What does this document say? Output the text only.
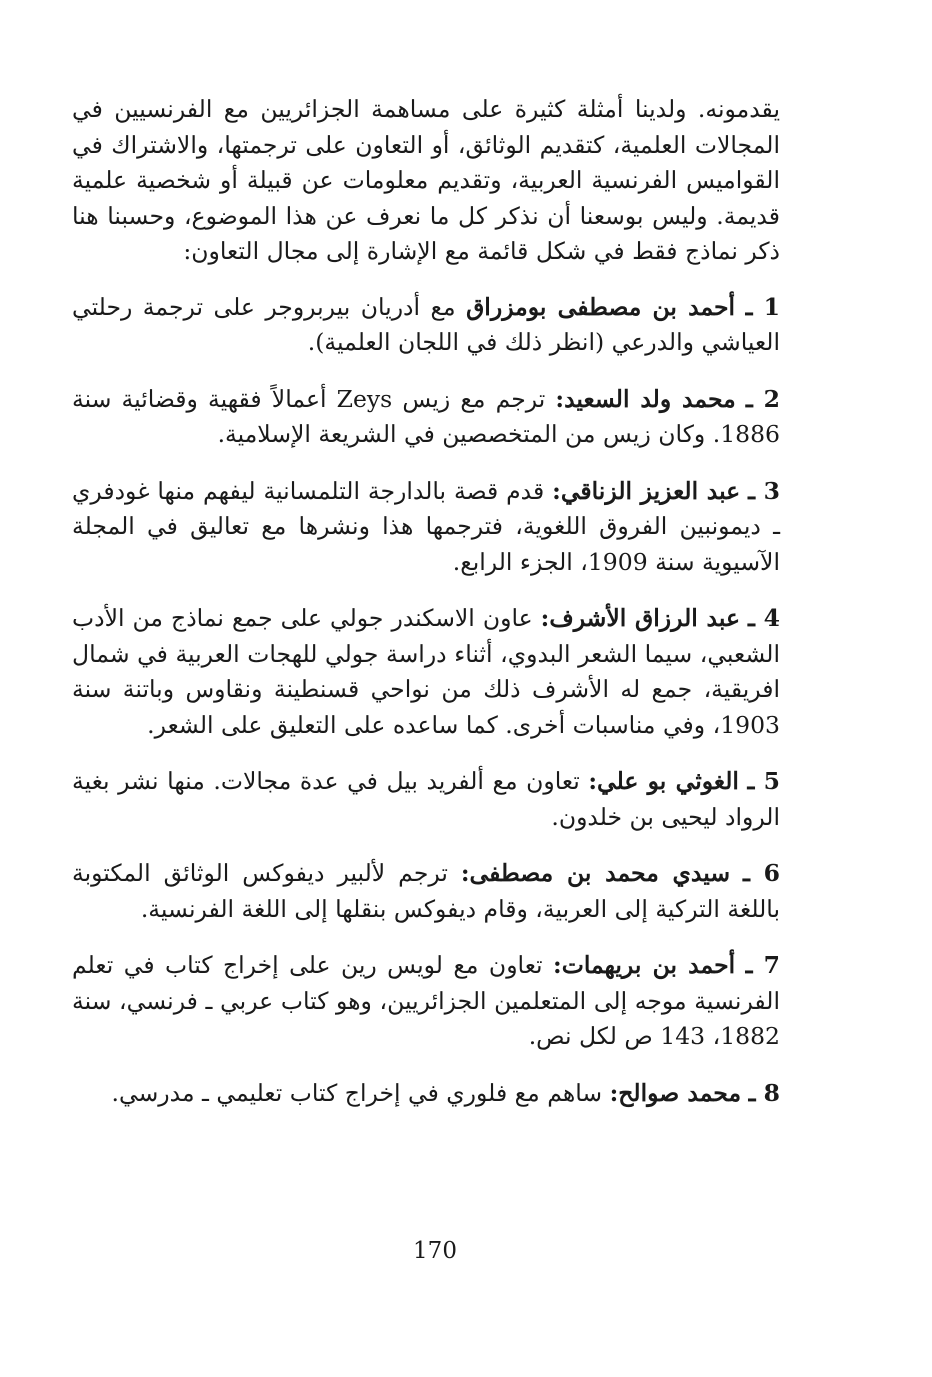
يقدمونه. ولدينا أمثلة كثيرة على مساهمة الجزائريين مع الفرنسيين في المجالات العلمية، كتقديم الوثائق، أو التعاون على ترجمتها، والاشتراك في القواميس الفرنسية العربية، وتقديم معلومات عن قبيلة أو شخصية علمية قديمة. وليس بوسعنا أن نذكر كل ما نعرف عن هذا الموضوع، وحسبنا هنا ذكر نماذج فقط في شكل قائمة مع الإشارة إلى مجال التعاون:

1 ـ أحمد بن مصطفى بومزراق مع أدريان بيربروجر على ترجمة رحلتي العياشي والدرعي (انظر ذلك في اللجان العلمية).

2 ـ محمد ولد السعيد: ترجم مع زيس Zeys أعمالاً فقهية وقضائية سنة 1886. وكان زيس من المتخصصين في الشريعة الإسلامية.

3 ـ عبد العزيز الزناقي: قدم قصة بالدارجة التلمسانية ليفهم منها غودفري ـ ديمونبين الفروق اللغوية، فترجمها هذا ونشرها مع تعاليق في المجلة الآسيوية سنة 1909، الجزء الرابع.

4 ـ عبد الرزاق الأشرف: عاون الاسكندر جولي على جمع نماذج من الأدب الشعبي، سيما الشعر البدوي، أثناء دراسة جولي للهجات العربية في شمال افريقية، جمع له الأشرف ذلك من نواحي قسنطينة ونقاوس وباتنة سنة 1903، وفي مناسبات أخرى. كما ساعده على التعليق على الشعر.

5 ـ الغوثي بو علي: تعاون مع ألفريد بيل في عدة مجالات. منها نشر بغية الرواد ليحيى بن خلدون.

6 ـ سيدي محمد بن مصطفى: ترجم لألبير ديفوكس الوثائق المكتوبة باللغة التركية إلى العربية، وقام ديفوكس بنقلها إلى اللغة الفرنسية.

7 ـ أحمد بن بريهمات: تعاون مع لويس رين على إخراج كتاب في تعلم الفرنسية موجه إلى المتعلمين الجزائريين، وهو كتاب عربي ـ فرنسي، سنة 1882، 143 ص لكل نص.

8 ـ محمد صوالح: ساهم مع فلوري في إخراج كتاب تعليمي ـ مدرسي.

170
